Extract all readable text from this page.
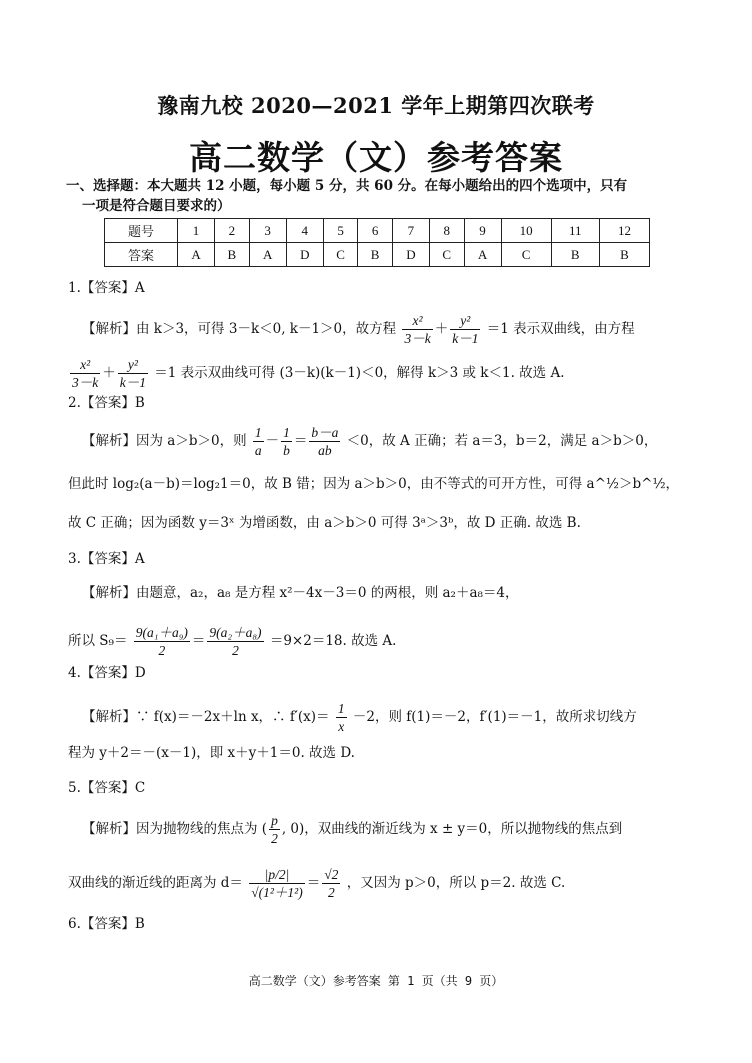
豫南九校 2020—2021 学年上期第四次联考
高二数学（文）参考答案
一、选择题：本大题共 12 小题，每小题 5 分，共 60 分。在每小题给出的四个选项中，只有
一项是符合题目要求的）
题号	1	2	3	4	5	6	7	8	9	10	11	12
答案	A	B	A	D	C	B	D	C	A	C	B	B
1.【答案】A
【解析】由 k＞3，可得 3－k＜0, k－1＞0，故方程 $\frac{\text{x²}}{3-k} + \frac{\text{y²}}{k-1} =1$ 表示双曲线，由方程
$\frac{\text{x²}}{3-k} + \frac{\text{y²}}{k-1} =1$ 表示双曲线可得 (3－k)(k－1)＜0，解得 k＞3 或 k＜1. 故选 A.
2.【答案】B
【解析】因为 a＞b＞0，则 $\frac{1}{a} - \frac{1}{b} = \frac{b-a}{ab} <0$，故 A 正确；若 a＝3，b＝2，满足 a＞b＞0，
但此时 log₂(a－b)＝log₂1＝0，故 B 错；因为 a＞b＞0，由不等式的可开方性，可得 a^½＞b^½，
故 C 正确；因为函数 y＝3ˣ 为增函数，由 a＞b＞0 可得 3ᵃ＞3ᵇ，故 D 正确. 故选 B.
3.【答案】A
【解析】由题意，a₂，a₈ 是方程 x²－4x－3＝0 的两根，则 a₂＋a₈＝4，
所以 $S_9= \frac{\text{9(a₁＋a₉)}}{2} = \frac{\text{9(a₂＋a₈)}}{2} =9\times 2=18$. 故选 A.
4.【答案】D
【解析】∵ f(x)＝－2x＋ln x，∴ $f'(x)= \frac{1}{x} -2$，则 f(1)＝－2，f′(1)＝－1，故所求切线方
程为 y＋2＝－(x－1)，即 x＋y＋1＝0. 故选 D.
5.【答案】C
【解析】因为抛物线的焦点为 ( $\frac{p}{2}$ , 0)，双曲线的渐近线为 x ± y＝0，所以抛物线的焦点到
双曲线的渐近线的距离为 $d= \frac{|p/2|}{\text{√(1²＋1²)}} = \frac{√2}{2}$ ，又因为 p＞0，所以 p＝2. 故选 C.
6.【答案】B
高二数学（文）参考答案 第 1 页（共 9 页）
